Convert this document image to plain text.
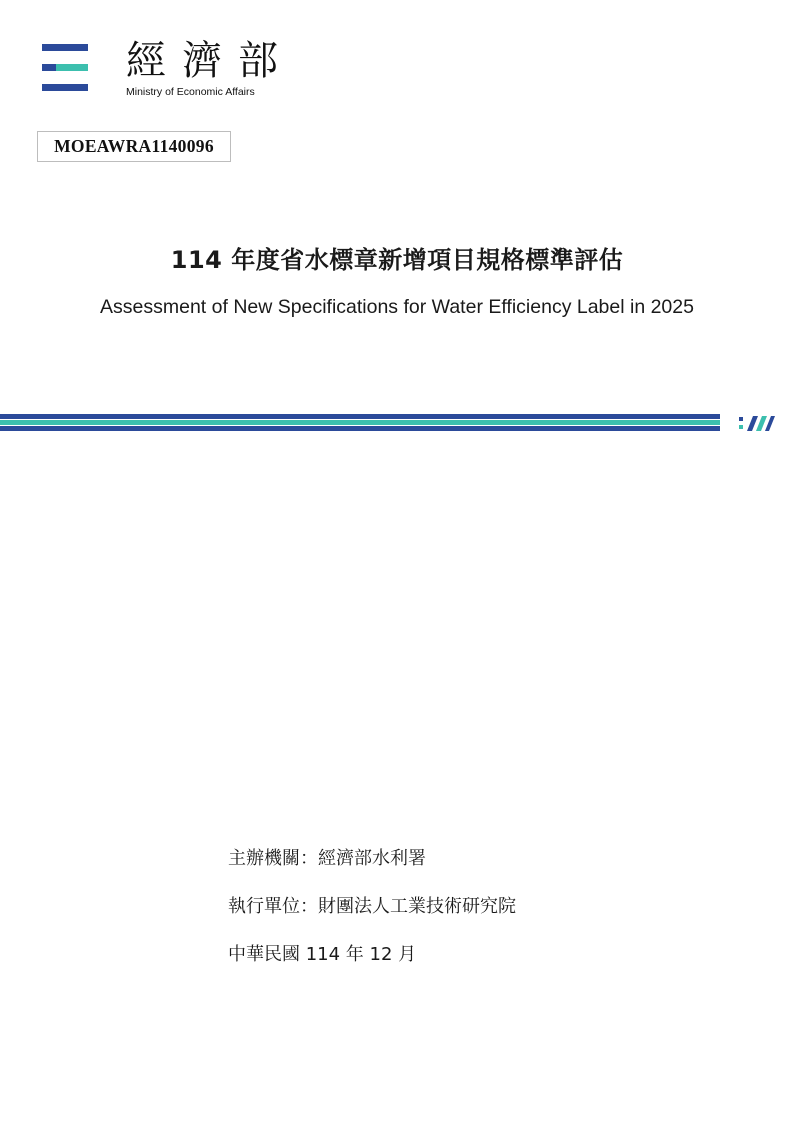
經濟部
Ministry of Economic Affairs
MOEAWRA1140096
114 年度省水標章新增項目規格標準評估
Assessment of New Specifications for Water Efficiency Label in 2025
主辦機關：經濟部水利署
執行單位：財團法人工業技術研究院
中華民國 114 年 12 月
